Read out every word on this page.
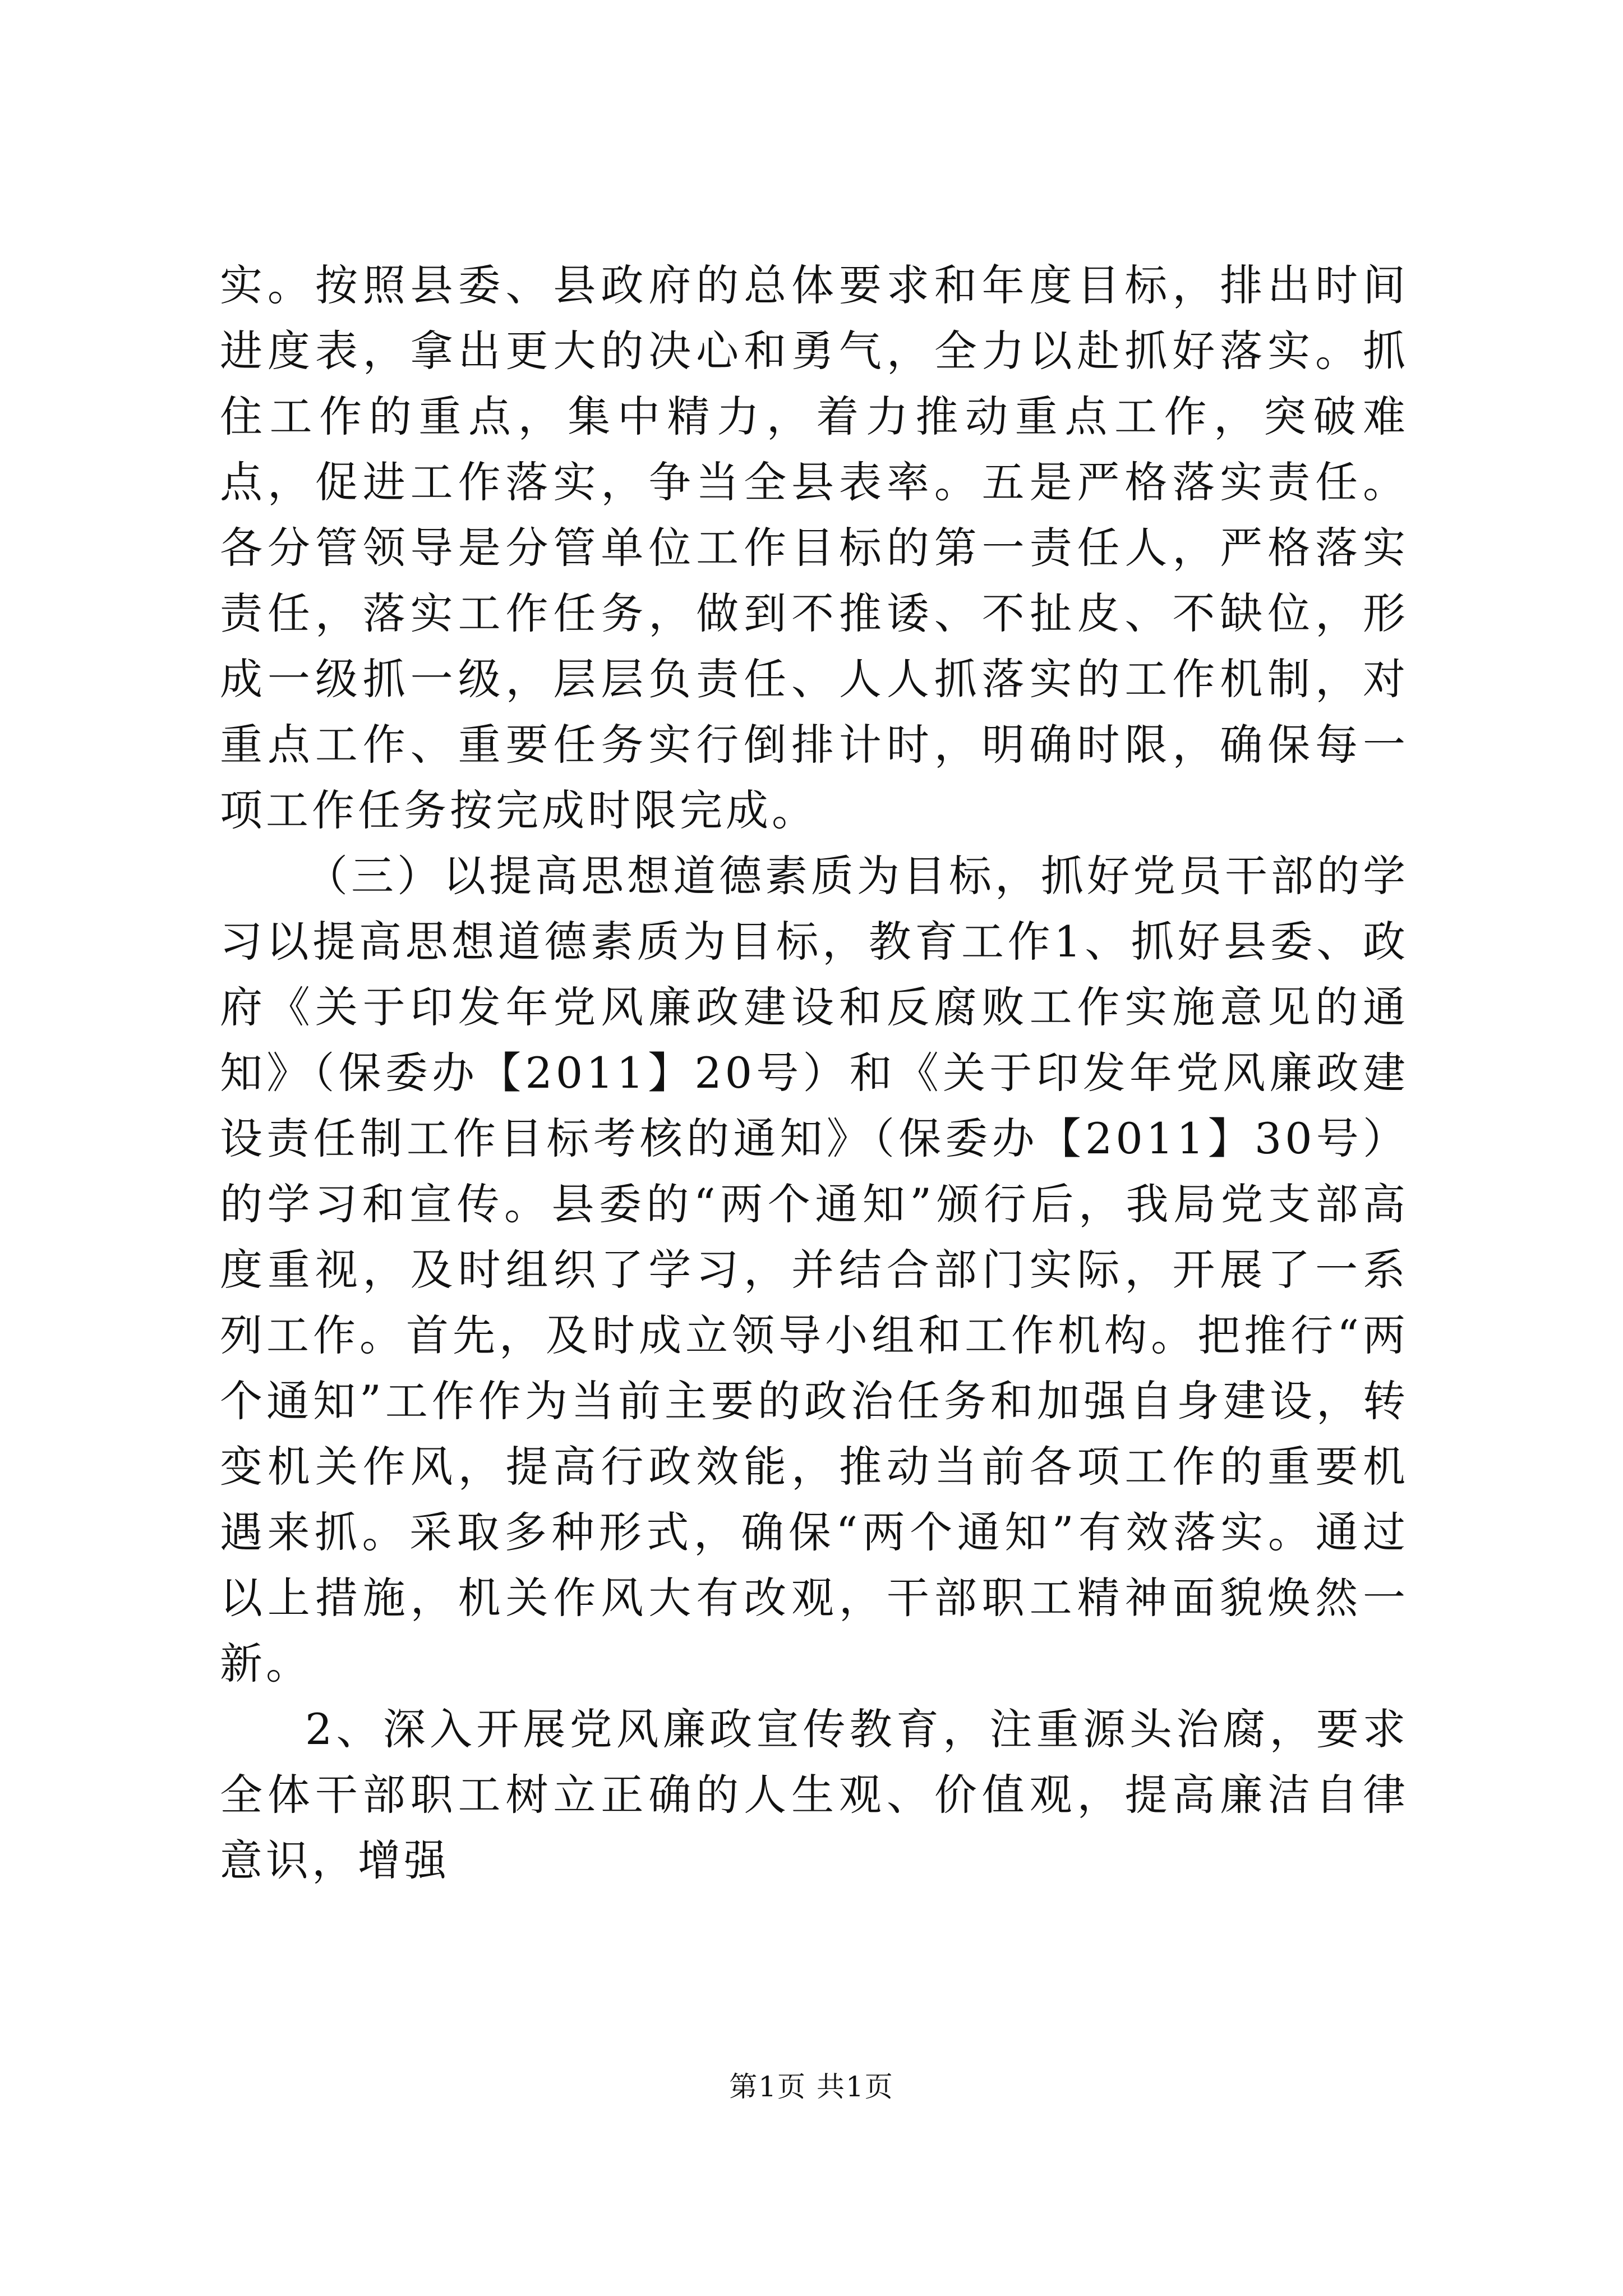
实。按照县委、县政府的总体要求和年度目标，排出时间进度表，拿出更大的决心和勇气，全力以赴抓好落实。抓住工作的重点，集中精力，着力推动重点工作，突破难点，促进工作落实，争当全县表率。五是严格落实责任。各分管领导是分管单位工作目标的第一责任人，严格落实责任，落实工作任务，做到不推诿、不扯皮、不缺位，形成一级抓一级，层层负责任、人人抓落实的工作机制，对重点工作、重要任务实行倒排计时，明确时限，确保每一项工作任务按完成时限完成。

（三）以提高思想道德素质为目标，抓好党员干部的学习以提高思想道德素质为目标，教育工作1、抓好县委、政府《关于印发年党风廉政建设和反腐败工作实施意见的通知》（保委办【2011】20号）和《关于印发年党风廉政建设责任制工作目标考核的通知》（保委办【2011】30号）的学习和宣传。县委的“两个通知”颁行后，我局党支部高度重视，及时组织了学习，并结合部门实际，开展了一系列工作。首先，及时成立领导小组和工作机构。把推行“两个通知”工作作为当前主要的政治任务和加强自身建设，转变机关作风，提高行政效能，推动当前各项工作的重要机遇来抓。采取多种形式，确保“两个通知”有效落实。通过以上措施，机关作风大有改观，干部职工精神面貌焕然一新。

2、深入开展党风廉政宣传教育，注重源头治腐，要求全体干部职工树立正确的人生观、价值观，提高廉洁自律意识，增强

第1页 共1页
